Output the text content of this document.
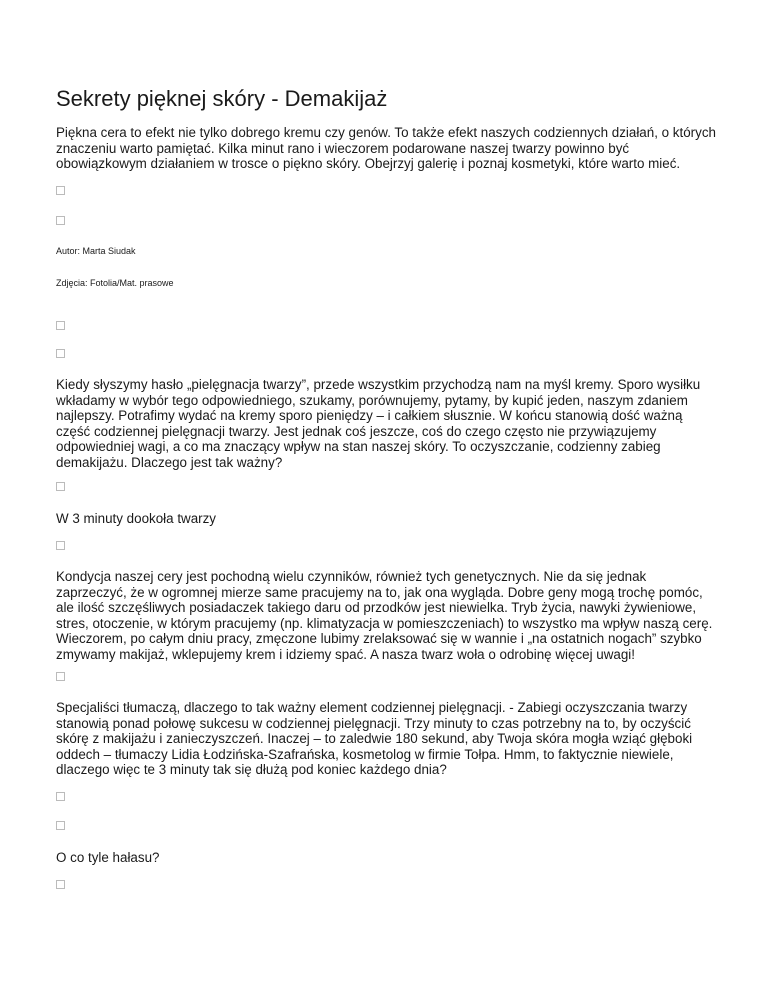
Sekrety pięknej skóry - Demakijaż

Piękna cera to efekt nie tylko dobrego kremu czy genów. To także efekt naszych codziennych działań, o których znaczeniu warto pamiętać. Kilka minut rano i wieczorem podarowane naszej twarzy powinno być obowiązkowym działaniem w trosce o piękno skóry. Obejrzyj galerię i poznaj kosmetyki, które warto mieć.

Autor: Marta Siudak

Zdjęcia: Fotolia/Mat. prasowe

Kiedy słyszymy hasło „pielęgnacja twarzy”, przede wszystkim przychodzą nam na myśl kremy. Sporo wysiłku wkładamy w wybór tego odpowiedniego, szukamy, porównujemy, pytamy, by kupić jeden, naszym zdaniem najlepszy. Potrafimy wydać na kremy sporo pieniędzy – i całkiem słusznie. W końcu stanowią dość ważną część codziennej pielęgnacji twarzy. Jest jednak coś jeszcze, coś do czego często nie przywiązujemy odpowiedniej wagi, a co ma znaczący wpływ na stan naszej skóry. To oczyszczanie, codzienny zabieg demakijażu. Dlaczego jest tak ważny?

W 3 minuty dookoła twarzy

Kondycja naszej cery jest pochodną wielu czynników, również tych genetycznych. Nie da się jednak zaprzeczyć, że w ogromnej mierze same pracujemy na to, jak ona wygląda. Dobre geny mogą trochę pomóc, ale ilość szczęśliwych posiadaczek takiego daru od przodków jest niewielka. Tryb życia, nawyki żywieniowe, stres, otoczenie, w którym pracujemy (np. klimatyzacja w pomieszczeniach) to wszystko ma wpływ naszą cerę. Wieczorem, po całym dniu pracy, zmęczone lubimy zrelaksować się w wannie i „na ostatnich nogach” szybko zmywamy makijaż, wklepujemy krem i idziemy spać. A nasza twarz woła o odrobinę więcej uwagi!

Specjaliści tłumaczą, dlaczego to tak ważny element codziennej pielęgnacji. - Zabiegi oczyszczania twarzy stanowią ponad połowę sukcesu w codziennej pielęgnacji. Trzy minuty to czas potrzebny na to, by oczyścić skórę z makijażu i zanieczyszczeń. Inaczej – to zaledwie 180 sekund, aby Twoja skóra mogła wziąć głęboki oddech – tłumaczy Lidia Łodzińska-Szafrańska, kosmetolog w firmie Tołpa. Hmm, to faktycznie niewiele, dlaczego więc te 3 minuty tak się dłużą pod koniec każdego dnia?

O co tyle hałasu?
